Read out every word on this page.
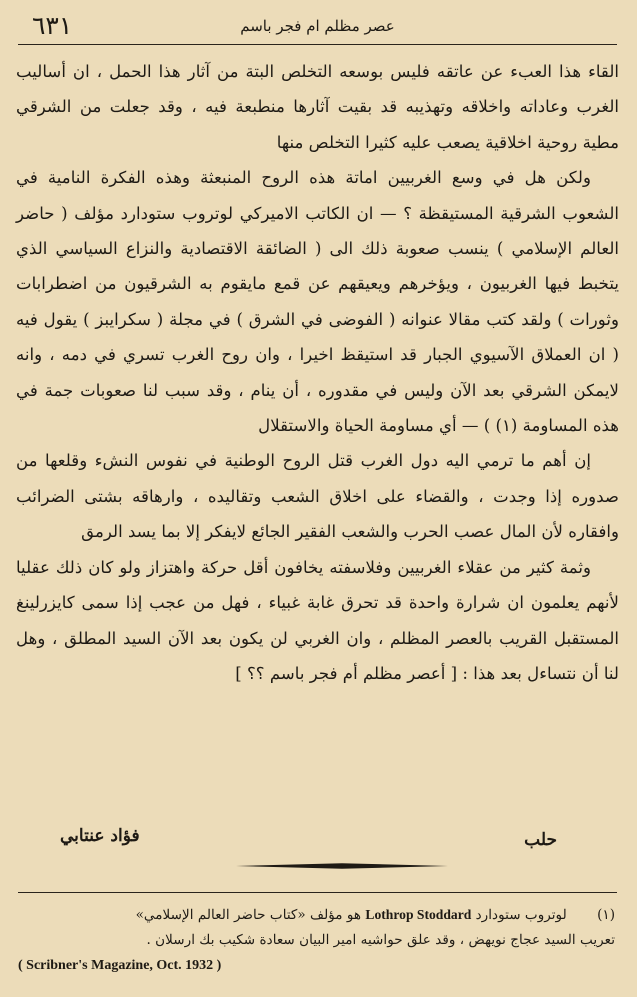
٦٣١	عصر مظلم ام فجر باسم

القاء هذا العبء عن عاتقه فليس بوسعه التخلص البتة من آثار هذا الحمل ، ان أساليب الغرب وعاداته واخلاقه وتهذيبه قد بقيت آثارها منطبعة فيه ، وقد جعلت من الشرقي مطية روحية اخلاقية يصعب عليه كثيرا التخلص منها

ولكن هل في وسع الغربيين اماتة هذه الروح المنبعثة وهذه الفكرة النامية في الشعوب الشرقية المستيقظة ؟ — ان الكاتب الاميركي لوتروب ستودارد مؤلف ( حاضر العالم الإسلامي ) ينسب صعوبة ذلك الى ( الضائقة الاقتصادية والنزاع السياسي الذي يتخبط فيها الغربيون ، ويؤخرهم ويعيقهم عن قمع مايقوم به الشرقيون من اضطرابات وثورات ) ولقد كتب مقالا عنوانه ( الفوضى في الشرق ) في مجلة ( سكرايبز ) يقول فيه ( ان العملاق الآسيوي الجبار قد استيقظ اخيرا ، وان روح الغرب تسري في دمه ، وانه لايمكن الشرقي بعد الآن وليس في مقدوره ، أن ينام ، وقد سبب لنا صعوبات جمة في هذه المساومة (١) ) — أي مساومة الحياة والاستقلال

إن أهم ما ترمي اليه دول الغرب قتل الروح الوطنية في نفوس النشء وقلعها من صدوره إذا وجدت ، والقضاء على اخلاق الشعب وتقاليده ، وارهاقه بشتى الضرائب وافقاره لأن المال عصب الحرب والشعب الفقير الجائع لايفكر إلا بما يسد الرمق

وثمة كثير من عقلاء الغربيين وفلاسفته يخافون أقل حركة واهتزاز ولو كان ذلك عقليا لأنهم يعلمون ان شرارة واحدة قد تحرق غابة غبياء ، فهل من عجب إذا سمى كايزرلينغ المستقبل القريب بالعصر المظلم ، وان الغربي لن يكون بعد الآن السيد المطلق ، وهل لنا أن نتساءل بعد هذا : [ أعصر مظلم أم فجر باسم ؟؟ ]

حلب
فؤاد عنتابي
(١) لوتروب ستودارد Lothrop Stoddard هو مؤلف «كتاب حاضر العالم الإسلامي»
تعريب السيد عجاج نويهض ، وقد علق حواشيه امير البيان سعادة شكيب بك ارسلان .
( Scribner's Magazine, Oct. 1932 )
